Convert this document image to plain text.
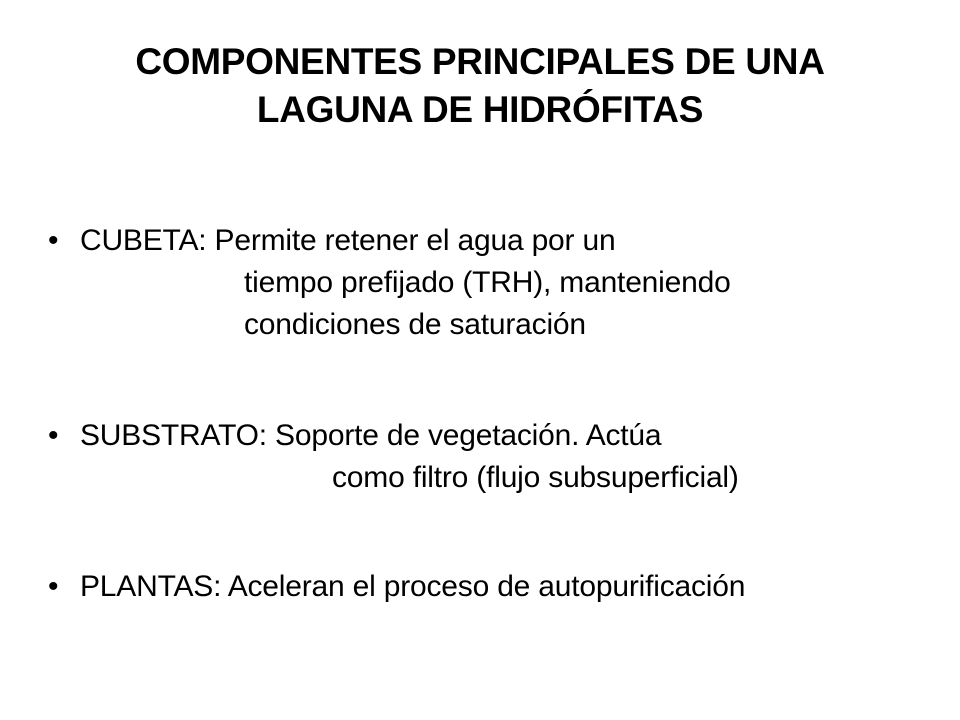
COMPONENTES PRINCIPALES DE UNA
LAGUNA DE HIDRÓFITAS
• CUBETA: Permite retener el agua por un
tiempo prefijado (TRH), manteniendo
condiciones de saturación
• SUBSTRATO: Soporte de vegetación. Actúa
como filtro (flujo subsuperficial)
• PLANTAS: Aceleran el proceso de autopurificación
